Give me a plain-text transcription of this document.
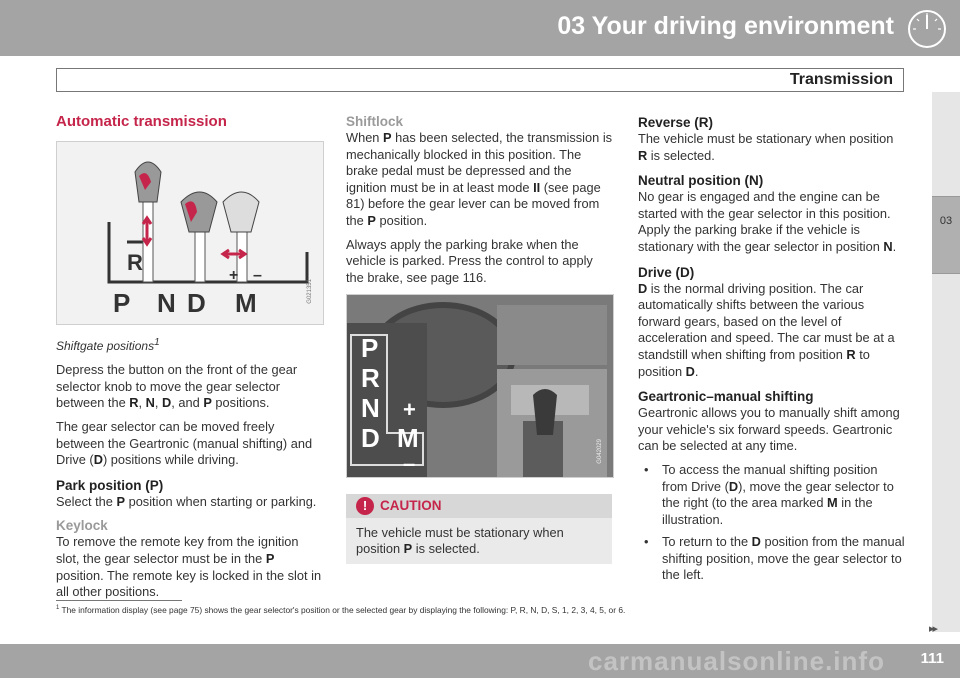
03 Your driving environment
Transmission
03
Automatic transmission
R
+ –
P N D M	G021351
Shiftgate positions$^1$

Depress the button on the front of the gear selector knob to move the gear selector between the R, N, D, and P positions.

The gear selector can be moved freely between the Geartronic (manual shifting) and Drive (D) positions while driving.

Park position (P)

Select the P position when starting or parking.

Keylock

To remove the remote key from the ignition slot, the gear selector must be in the P position. The remote key is locked in the slot in all other positions.

Shiftlock

When P has been selected, the transmission is mechanically blocked in this position. The brake pedal must be depressed and the ignition must be in at least mode II (see page 81) before the gear lever can be moved from the P position.

Always apply the parking brake when the vehicle is parked. Press the control to apply the brake, see page 116.

P
R
N
D M
+
–
G042029
! CAUTION
The vehicle must be stationary when position P is selected.
Reverse (R)

The vehicle must be stationary when position R is selected.

Neutral position (N)

No gear is engaged and the engine can be started with the gear selector in this position. Apply the parking brake if the vehicle is stationary with the gear selector in position N.

Drive (D)

D is the normal driving position. The car automatically shifts between the various forward gears, based on the level of acceleration and speed. The car must be at a standstill when shifting from position R to position D.

Geartronic–manual shifting

Geartronic allows you to manually shift among your vehicle's six forward speeds. Geartronic can be selected at any time.

• To access the manual shifting position from Drive (D), move the gear selector to the right (to the area marked M in the illustration.
• To return to the D position from the manual shifting position, move the gear selector to the left.
$^1$ The information display (see page 75) shows the gear selector's position or the selected gear by displaying the following: P, R, N, D, S, 1, 2, 3, 4, 5, or 6.
▸▸
111
carmanualsonline.info
